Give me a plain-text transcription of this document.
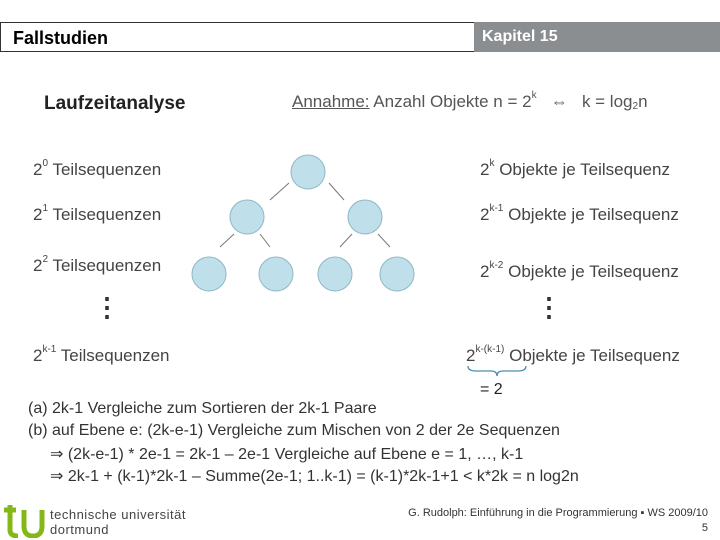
Fallstudien	Kapitel 15
Laufzeitanalyse	Annahme: Anzahl Objekte $n = 2^k$ ⇔ k = log2n
$2^0$ Teilsequenzen
$2^1$ Teilsequenzen
$2^2$ Teilsequenzen
⋮
2$^{k-1}$ Teilsequenzen
2$^k$ Objekte je Teilsequenz
2$^{k-1}$ Objekte je Teilsequenz
2$^{k-2}$ Objekte je Teilsequenz
⋮
$2^{k-(k-1)}$ Objekte je Teilsequenz
= 2
(a) 2k-1 Vergleiche zum Sortieren der 2k-1 Paare
(b) auf Ebene e: (2k-e-1) Vergleiche zum Mischen von 2 der 2e Sequenzen
⇒ (2k-e-1) * 2e-1 = 2k-1 – 2e-1 Vergleiche auf Ebene e = 1, …, k-1
⇒ 2k-1 + (k-1)*2k-1 – Summe(2e-1; 1..k-1) = (k-1)*2k-1+1 < k*2k = n log2n
technische universität
dortmund
G. Rudolph: Einführung in die Programmierung ▪ WS 2009/10
5
